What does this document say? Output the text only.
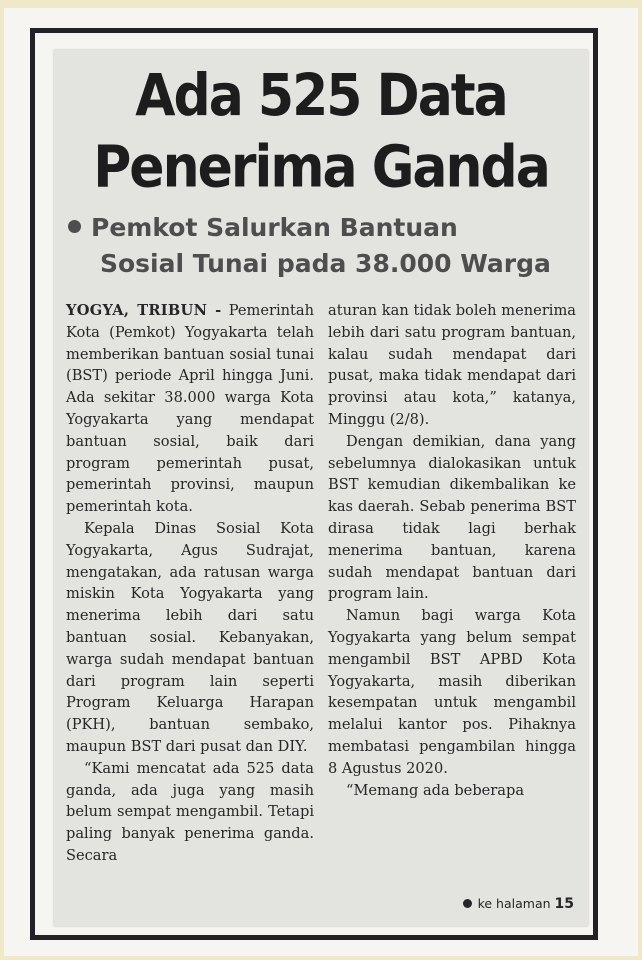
Ada 525 Data
Penerima Ganda
Pemkot Salurkan Bantuan
Sosial Tunai pada 38.000 Warga

YOGYA, TRIBUN - Pemerintah Kota (Pemkot) Yogyakarta telah memberikan bantuan sosial tunai (BST) periode April hingga Juni. Ada sekitar 38.000 warga Kota Yogyakarta yang mendapat bantuan sosial, baik dari program pemerintah pusat, pemerintah provinsi, maupun pemerintah kota.

Kepala Dinas Sosial Kota Yogyakarta, Agus Sudrajat, mengatakan, ada ratusan warga miskin Kota Yogyakarta yang menerima lebih dari satu bantuan sosial. Kebanyakan, warga sudah mendapat bantuan dari program lain seperti Program Keluarga Harapan (PKH), bantuan sembako, maupun BST dari pusat dan DIY.

“Kami mencatat ada 525 data ganda, ada juga yang masih belum sempat mengambil. Tetapi paling banyak penerima ganda. Secara

aturan kan tidak boleh menerima lebih dari satu program bantuan, kalau sudah mendapat dari pusat, maka tidak mendapat dari provinsi atau kota,” katanya, Minggu (2/8).

Dengan demikian, dana yang sebelumnya dialokasikan untuk BST kemudian dikembalikan ke kas daerah. Sebab penerima BST dirasa tidak lagi berhak menerima bantuan, karena sudah mendapat bantuan dari program lain.

Namun bagi warga Kota Yogyakarta yang belum sempat mengambil BST APBD Kota Yogyakarta, masih diberikan kesempatan untuk mengambil melalui kantor pos. Pihaknya membatasi pengambilan hingga 8 Agustus 2020.

“Memang ada beberapa

ke halaman 15
